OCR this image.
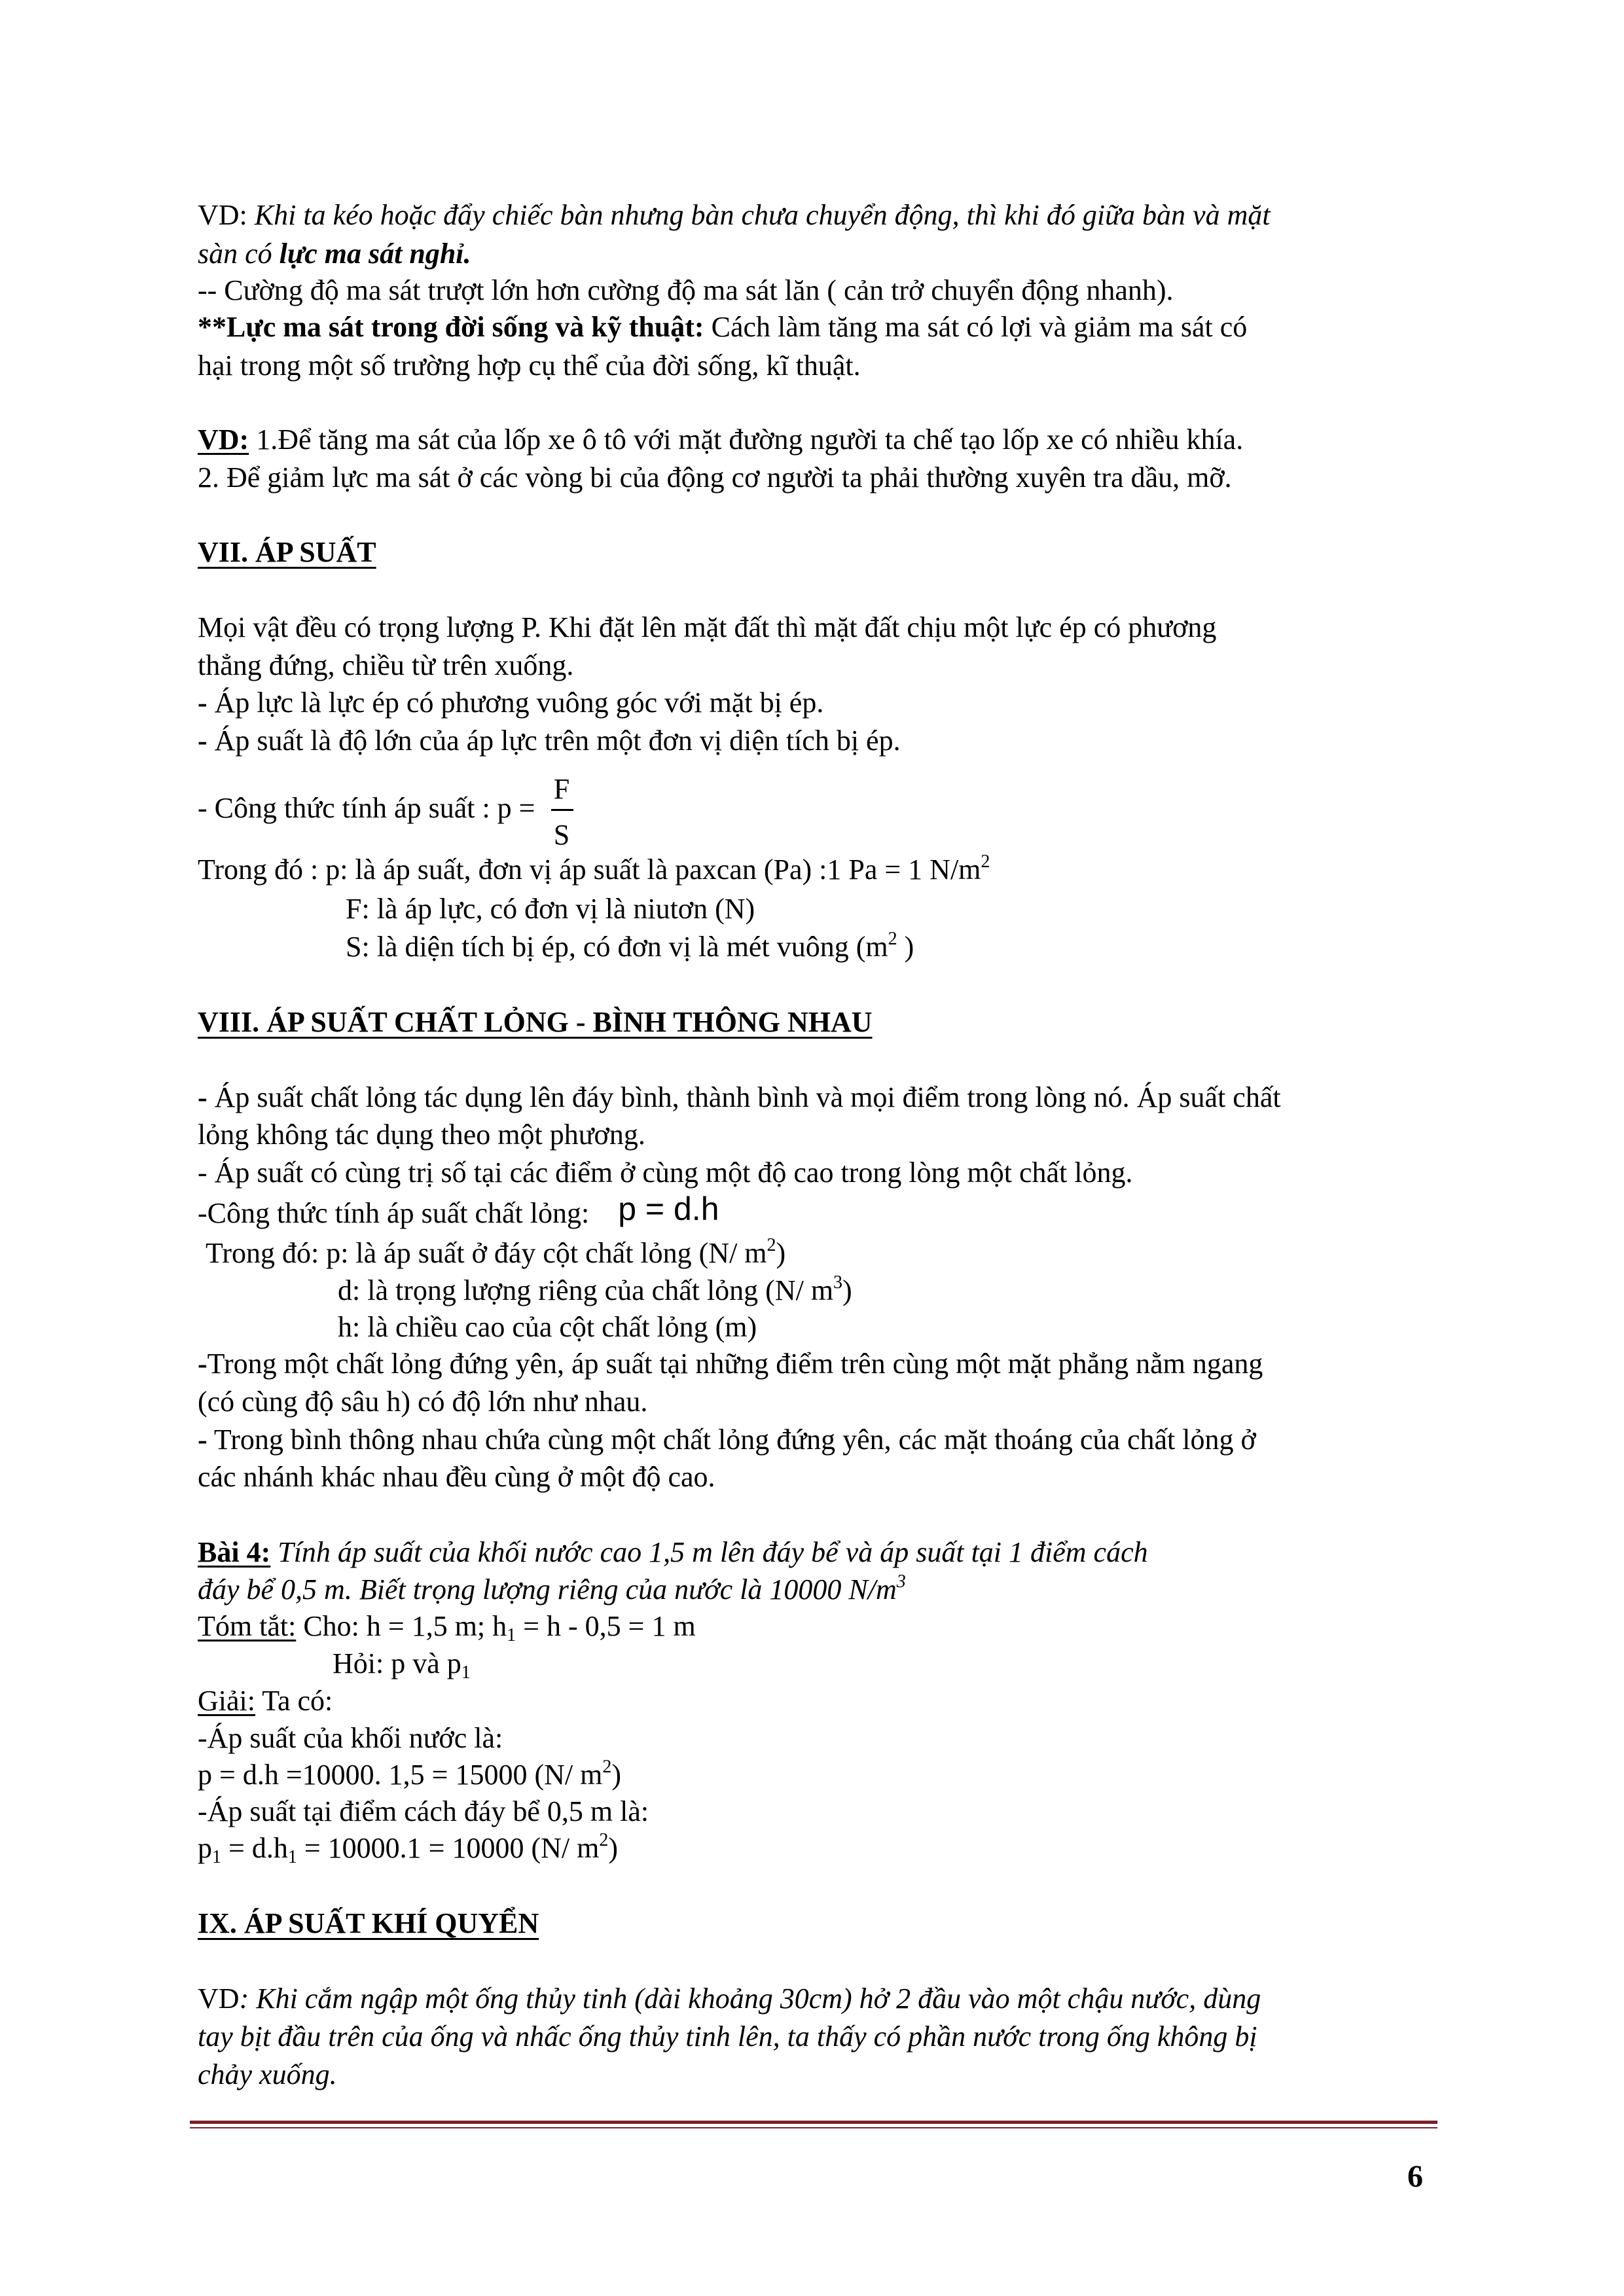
VD: Khi ta kéo hoặc đẩy chiếc bàn nhưng bàn chưa chuyển động, thì khi đó giữa bàn và mặt
sàn có lực ma sát nghỉ.
-- Cường độ ma sát trượt lớn hơn cường độ ma sát lăn ( cản trở chuyển động nhanh).
**Lực ma sát trong đời sống và kỹ thuật: Cách làm tăng ma sát có lợi và giảm ma sát có
hại trong một số trường hợp cụ thể của đời sống, kĩ thuật.
VD: 1.Để tăng ma sát của lốp xe ô tô với mặt đường người ta chế tạo lốp xe có nhiều khía.
2. Để giảm lực ma sát ở các vòng bi của động cơ người ta phải thường xuyên tra dầu, mỡ.
VII. ÁP SUẤT
Mọi vật đều có trọng lượng P. Khi đặt lên mặt đất thì mặt đất chịu một lực ép có phương
thẳng đứng, chiều từ trên xuống.
- Áp lực là lực ép có phương vuông góc với mặt bị ép.
- Áp suất là độ lớn của áp lực trên một đơn vị diện tích bị ép.
- Công thức tính áp suất : p =
F
S
Trong đó : p: là áp suất, đơn vị áp suất là paxcan (Pa) :1 Pa = 1 $N/m^2$
F: là áp lực, có đơn vị là niutơn (N)
S: là diện tích bị ép, có đơn vị là mét vuông ($m^2$ )
VIII. ÁP SUẤT CHẤT LỎNG - BÌNH THÔNG NHAU
- Áp suất chất lỏng tác dụng lên đáy bình, thành bình và mọi điểm trong lòng nó. Áp suất chất
lỏng không tác dụng theo một phương.
- Áp suất có cùng trị số tại các điểm ở cùng một độ cao trong lòng một chất lỏng.
-Công thức tính áp suất chất lỏng: p = d.h
Trong đó: p: là áp suất ở đáy cột chất lỏng (N/ $m^2$)
d: là trọng lượng riêng của chất lỏng (N/ $m^3$)
h: là chiều cao của cột chất lỏng (m)
-Trong một chất lỏng đứng yên, áp suất tại những điểm trên cùng một mặt phẳng nằm ngang
(có cùng độ sâu h) có độ lớn như nhau.
- Trong bình thông nhau chứa cùng một chất lỏng đứng yên, các mặt thoáng của chất lỏng ở
các nhánh khác nhau đều cùng ở một độ cao.
Bài 4: Tính áp suất của khối nước cao 1,5 m lên đáy bể và áp suất tại 1 điểm cách
đáy bể 0,5 m. Biết trọng lượng riêng của nước là 10000 $N/m^3$
Tóm tắt: Cho: h = 1,5 m; h1 = h - 0,5 = 1 m
Hỏi: p và p1
Giải: Ta có:
-Áp suất của khối nước là:
p = d.h =10000. 1,5 = 15000 (N/ $m^2$)
-Áp suất tại điểm cách đáy bể 0,5 m là:
p1 = d.h1 = 10000.1 = 10000 (N/ $m^2$)
IX. ÁP SUẤT KHÍ QUYỂN
VD: Khi cắm ngập một ống thủy tinh (dài khoảng 30cm) hở 2 đầu vào một chậu nước, dùng
tay bịt đầu trên của ống và nhấc ống thủy tinh lên, ta thấy có phần nước trong ống không bị
chảy xuống.
6
